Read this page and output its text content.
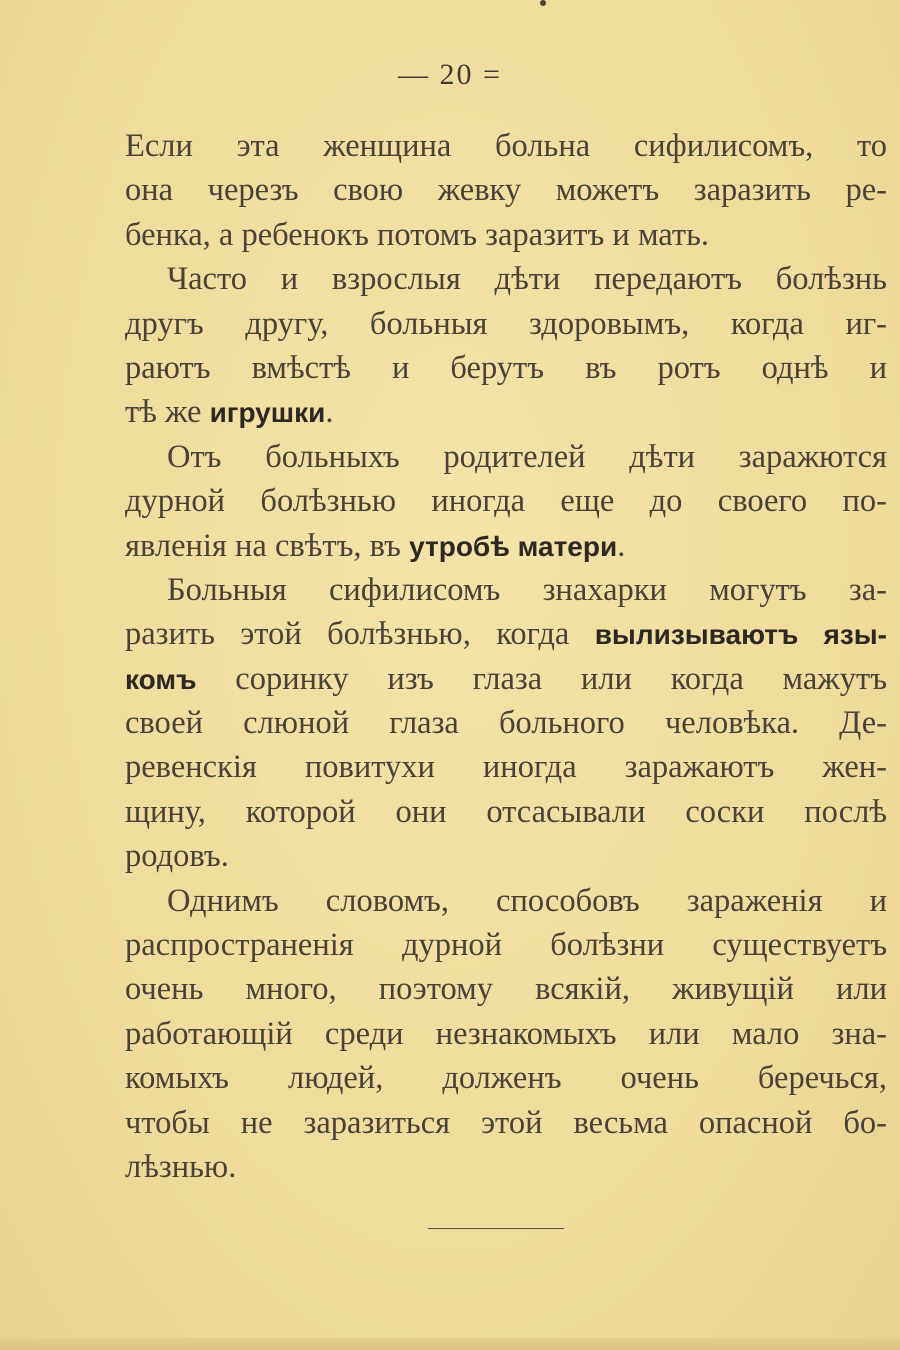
— 20 =
Если эта женщина больна сифилисомъ, то
она черезъ свою жевку можетъ заразить ре-
бенка, а ребенокъ потомъ заразитъ и мать.
Часто и взрослыя дѣти передаютъ болѣзнь
другъ другу, больныя здоровымъ, когда иг-
раютъ вмѣстѣ и берутъ въ ротъ однѣ и
тѣ же игрушки.
Отъ больныхъ родителей дѣти заражются
дурной болѣзнью иногда еще до своего по-
явленія на свѣтъ, въ утробѣ матери.
Больныя сифилисомъ знахарки могутъ за-
разить этой болѣзнью, когда вылизываютъ язы-
комъ соринку изъ глаза или когда мажутъ
своей слюной глаза больного человѣка. Де-
ревенскія повитухи иногда заражаютъ жен-
щину, которой они отсасывали соски послѣ
родовъ.
Однимъ словомъ, способовъ зараженія и
распространенія дурной болѣзни существуетъ
очень много, поэтому всякій, живущій или
работающій среди незнакомыхъ или мало зна-
комыхъ людей, долженъ очень беречься,
чтобы не заразиться этой весьма опасной бо-
лѣзнью.
